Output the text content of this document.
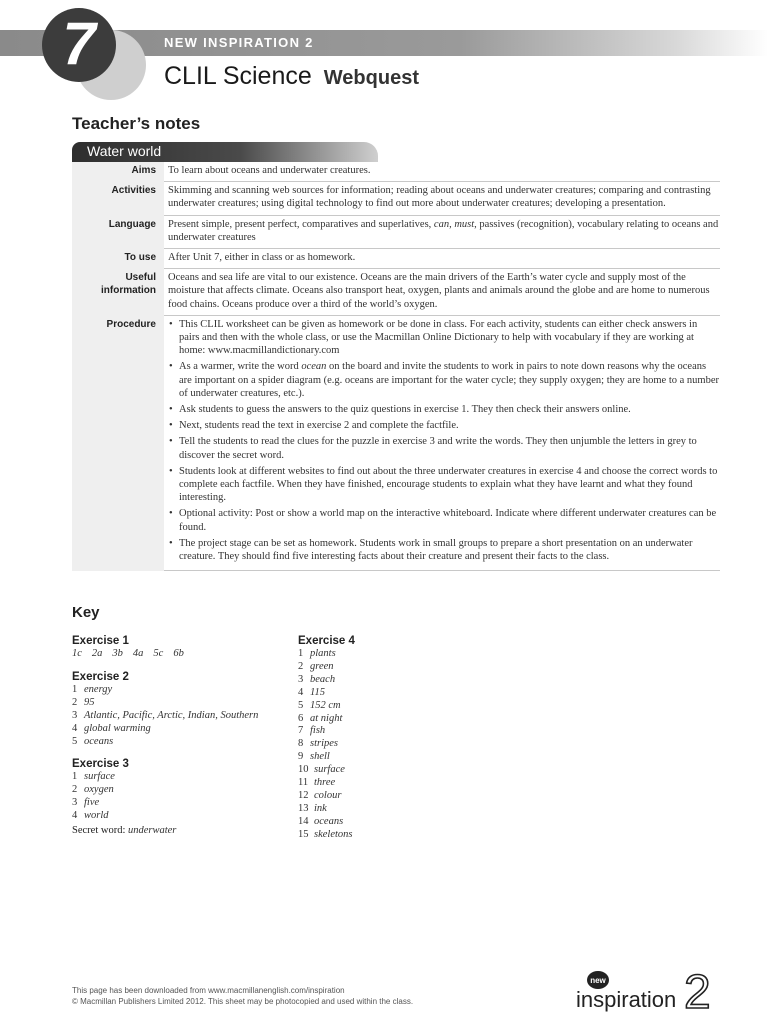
NEW INSPIRATION 2
7	CLIL Science Webquest
Teacher’s notes
Water world
Aims	To learn about oceans and underwater creatures.
Activities	Skimming and scanning web sources for information; reading about oceans and underwater creatures; comparing and contrasting underwater creatures; using digital technology to find out more about underwater creatures; developing a presentation.
Language	Present simple, present perfect, comparatives and superlatives, can, must, passives (recognition), vocabulary relating to oceans and underwater creatures
To use	After Unit 7, either in class or as homework.
Useful
information
Oceans and sea life are vital to our existence. Oceans are the main drivers of the Earth’s water cycle and supply most of the moisture that affects climate. Oceans also transport heat, oxygen, plants and animals around the globe and are home to numerous food chains. Oceans produce over a third of the world’s oxygen.
Procedure
•	This CLIL worksheet can be given as homework or be done in class. For each activity, students can either check answers in pairs and then with the whole class, or use the Macmillan Online Dictionary to help with vocabulary if they are working at home: www.macmillandictionary.com
• As a warmer, write the word ocean on the board and invite the students to work in pairs to note down reasons why the oceans are important on a spider diagram (e.g. oceans are important for the water cycle; they supply oxygen; they are home to a number of underwater creatures, etc.).
• Ask students to guess the answers to the quiz questions in exercise 1. They then check their answers online.
• Next, students read the text in exercise 2 and complete the factfile.
• Tell the students to read the clues for the puzzle in exercise 3 and write the words. They then unjumble the letters in grey to discover the secret word.
• Students look at different websites to find out about the three underwater creatures in exercise 4 and choose the correct words to complete each factfile. When they have finished, encourage students to explain what they have learnt and what they found interesting.
• Optional activity: Post or show a world map on the interactive whiteboard. Indicate where different underwater creatures can be found.
• The project stage can be set as homework. Students work in small groups to prepare a short presentation on an underwater creature. They should find five interesting facts about their creature and present their facts to the class.
Key

Exercise 1

1c 2a 3b 4a 5c 6b

Exercise 2

1 energy
2 95
3 Atlantic, Pacific, Arctic, Indian, Southern
4 global warming
5 oceans

Exercise 3

1 surface
2 oxygen
3 five
4 world
Secret word: underwater

Exercise 4

1 plants
2 green
3 beach
4 115
5 152 cm
6 at night
7 fish
8 stripes
9 shell
10 surface
11 three
12 colour
13 ink
14 oceans
15 skeletons
This page has been downloaded from www.macmillanenglish.com/inspiration
© Macmillan Publishers Limited 2012. This sheet may be photocopied and used within the class.
new
inspiration 2
